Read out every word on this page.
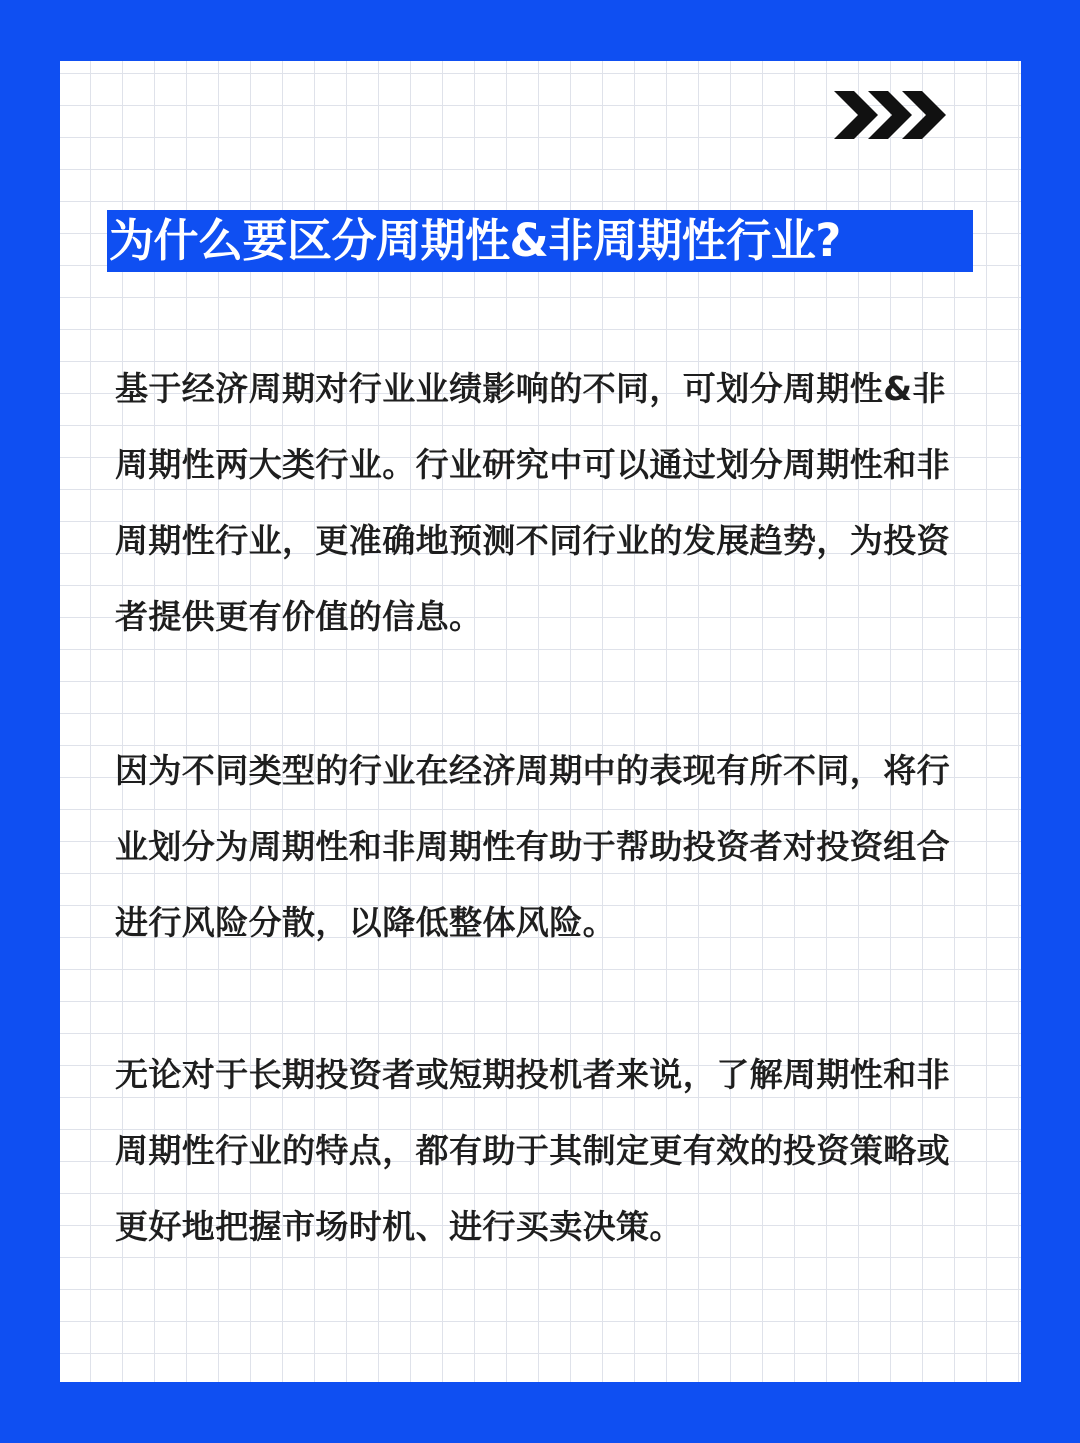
为什么要区分周期性&非周期性行业?

基于经济周期对行业业绩影响的不同，可划分周期性&非周期性两大类行业。行业研究中可以通过划分周期性和非周期性行业，更准确地预测不同行业的发展趋势，为投资者提供更有价值的信息。

因为不同类型的行业在经济周期中的表现有所不同，将行业划分为周期性和非周期性有助于帮助投资者对投资组合进行风险分散，以降低整体风险。

无论对于长期投资者或短期投机者来说，了解周期性和非周期性行业的特点，都有助于其制定更有效的投资策略或更好地把握市场时机、进行买卖决策。
